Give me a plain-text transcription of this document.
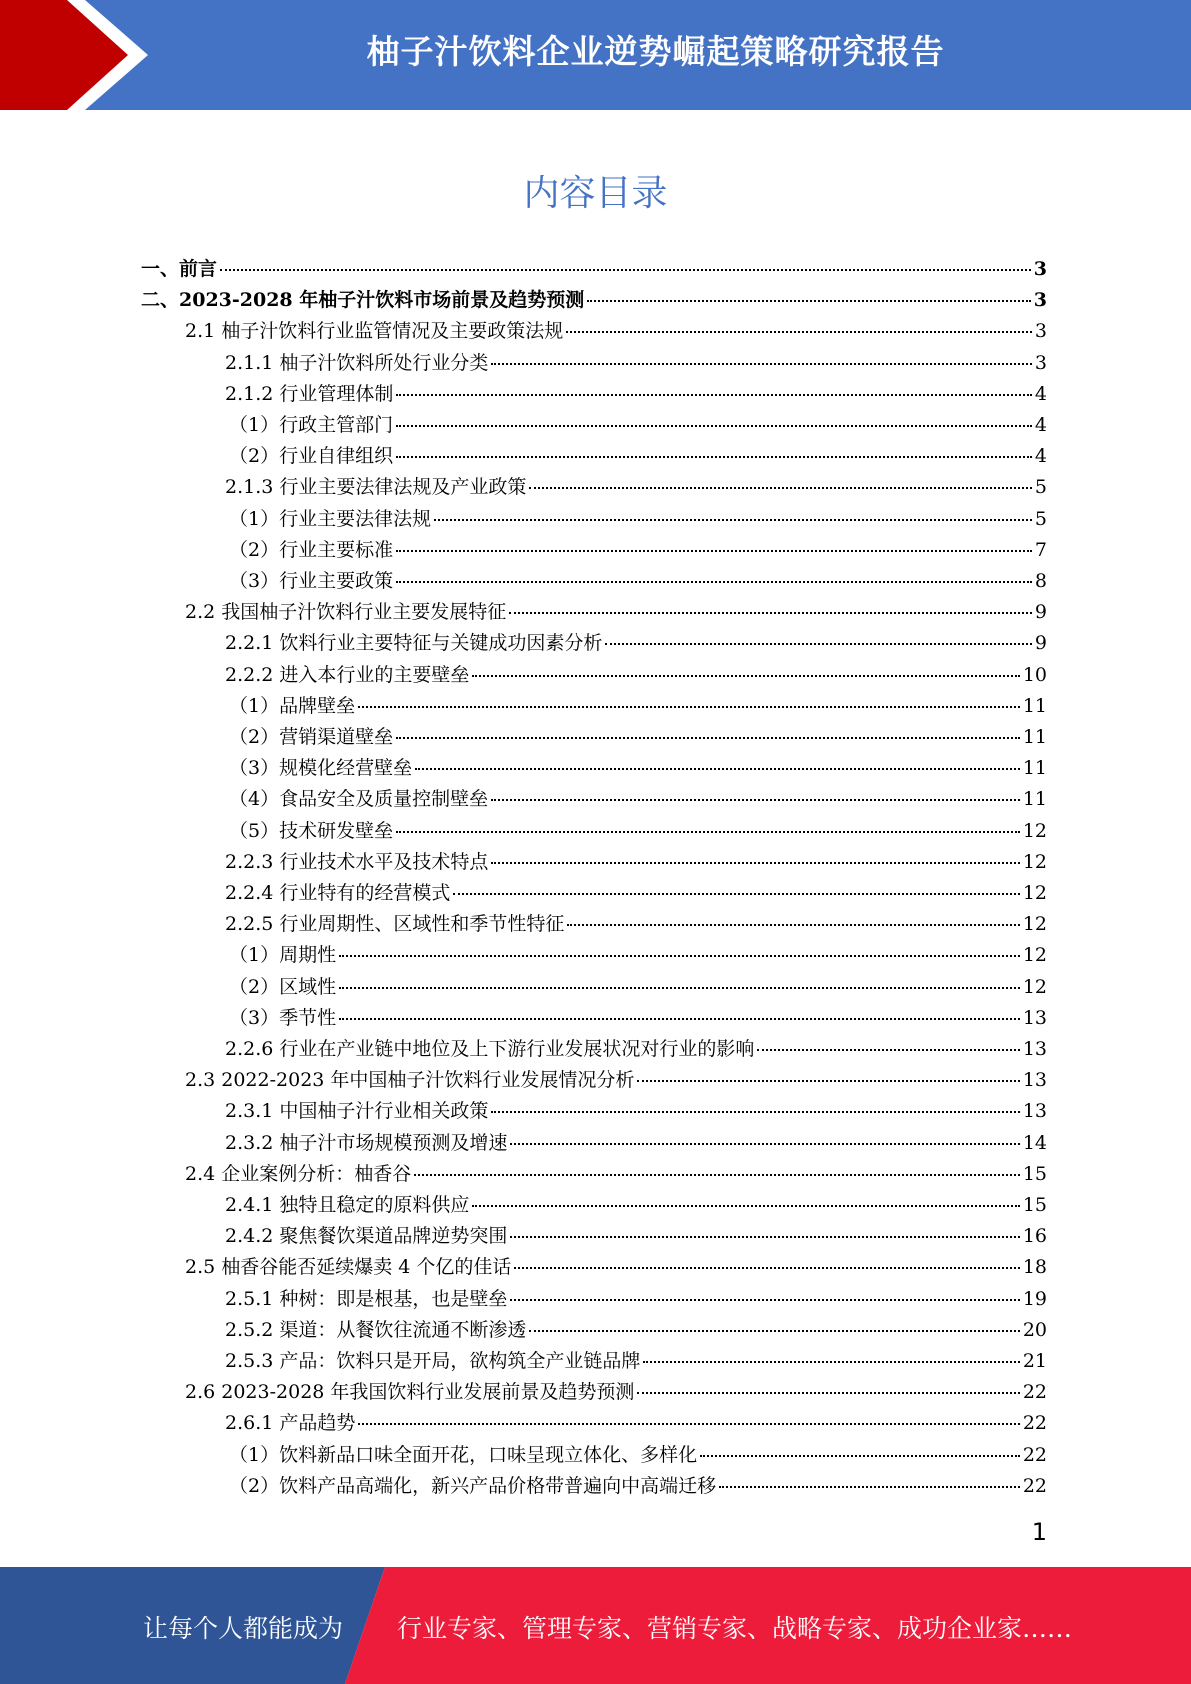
柚子汁饮料企业逆势崛起策略研究报告
内容目录
一、前言	3
二、2023-2028 年柚子汁饮料市场前景及趋势预测	3
2.1 柚子汁饮料行业监管情况及主要政策法规	3
2.1.1 柚子汁饮料所处行业分类	3
2.1.2 行业管理体制	4
（1）行政主管部门	4
（2）行业自律组织	4
2.1.3 行业主要法律法规及产业政策	5
（1）行业主要法律法规	5
（2）行业主要标准	7
（3）行业主要政策	8
2.2 我国柚子汁饮料行业主要发展特征	9
2.2.1 饮料行业主要特征与关键成功因素分析	9
2.2.2 进入本行业的主要壁垒	10
（1）品牌壁垒	11
（2）营销渠道壁垒	11
（3）规模化经营壁垒	11
（4）食品安全及质量控制壁垒	11
（5）技术研发壁垒	12
2.2.3 行业技术水平及技术特点	12
2.2.4 行业特有的经营模式	12
2.2.5 行业周期性、区域性和季节性特征	12
（1）周期性	12
（2）区域性	12
（3）季节性	13
2.2.6 行业在产业链中地位及上下游行业发展状况对行业的影响	13
2.3 2022-2023 年中国柚子汁饮料行业发展情况分析	13
2.3.1 中国柚子汁行业相关政策	13
2.3.2 柚子汁市场规模预测及增速	14
2.4 企业案例分析：柚香谷	15
2.4.1 独特且稳定的原料供应	15
2.4.2 聚焦餐饮渠道品牌逆势突围	16
2.5 柚香谷能否延续爆卖 4 个亿的佳话	18
2.5.1 种树：即是根基，也是壁垒	19
2.5.2 渠道：从餐饮往流通不断渗透	20
2.5.3 产品：饮料只是开局，欲构筑全产业链品牌	21
2.6 2023-2028 年我国饮料行业发展前景及趋势预测	22
2.6.1 产品趋势	22
（1）饮料新品口味全面开花，口味呈现立体化、多样化	22
（2）饮料产品高端化，新兴产品价格带普遍向中高端迁移	22
1
让每个人都能成为 行业专家、管理专家、营销专家、战略专家、成功企业家……
